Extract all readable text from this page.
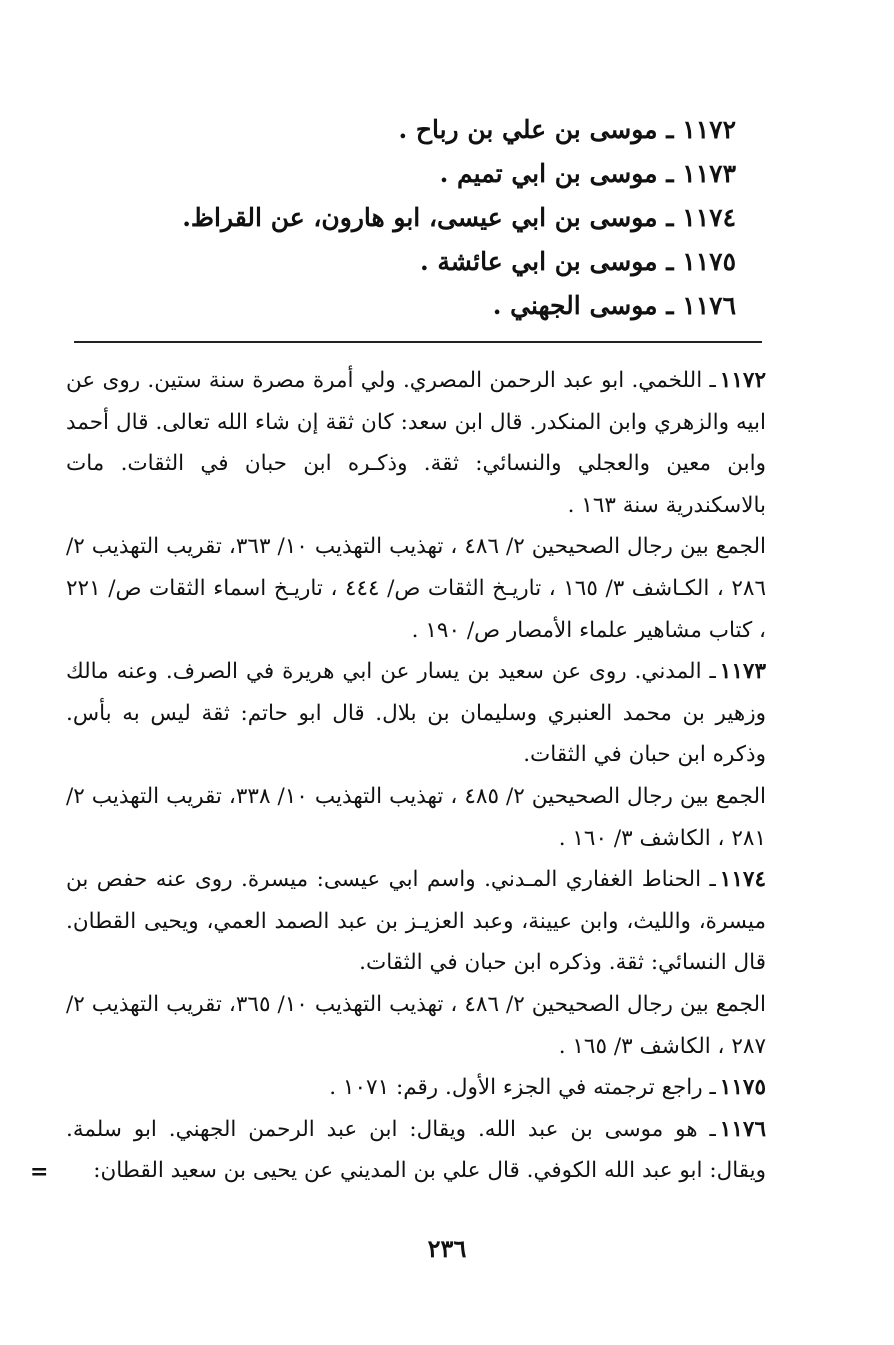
١١٧٢ ـ موسى بن علي بن رباح .
١١٧٣ ـ موسى بن ابي تميم .
١١٧٤ ـ موسى بن ابي عيسى، ابو هارون، عن القراظ.
١١٧٥ ـ موسى بن ابي عائشة .
١١٧٦ ـ موسى الجهني .
١١٧٢ـ اللخمي. ابو عبد الرحمن المصري. ولي أمرة مصرة سنة ستين. روى عن ابيه والزهري وابن المنكدر. قال ابن سعد: كان ثقة إن شاء الله تعالى. قال أحمد وابن معين والعجلي والنسائي: ثقة. وذكـره ابن حبان في الثقات. مات بالاسكندرية سنة ١٦٣ .
الجمع بين رجال الصحيحين ٢/ ٤٨٦ ، تهذيب التهذيب ١٠/ ٣٦٣، تقريب التهذيب ٢/ ٢٨٦ ، الكـاشف ٣/ ١٦٥ ، تاريـخ الثقات ص/ ٤٤٤ ، تاريـخ اسماء الثقات ص/ ٢٢١ ، كتاب مشاهير علماء الأمصار ص/ ١٩٠ .
١١٧٣ـ المدني. روى عن سعيد بن يسار عن ابي هريرة في الصرف. وعنه مالك وزهير بن محمد العنبري وسليمان بن بلال. قال ابو حاتم: ثقة ليس به بأس. وذكره ابن حبان في الثقات.
الجمع بين رجال الصحيحين ٢/ ٤٨٥ ، تهذيب التهذيب ١٠/ ٣٣٨، تقريب التهذيب ٢/ ٢٨١ ، الكاشف ٣/ ١٦٠ .
١١٧٤ـ الحناط الغفاري المـدني. واسم ابي عيسى: ميسرة. روى عنه حفص بن ميسرة، والليث، وابن عيينة، وعبد العزيـز بن عبد الصمد العمي، ويحيى القطان. قال النسائي: ثقة. وذكره ابن حبان في الثقات.
الجمع بين رجال الصحيحين ٢/ ٤٨٦ ، تهذيب التهذيب ١٠/ ٣٦٥، تقريب التهذيب ٢/ ٢٨٧ ، الكاشف ٣/ ١٦٥ .
١١٧٥ـ راجع ترجمته في الجزء الأول. رقم: ١٠٧١ .
١١٧٦ـ هو موسى بن عبد الله. ويقال: ابن عبد الرحمن الجهني. ابو سلمة. ويقال: ابو عبد الله الكوفي. قال علي بن المديني عن يحيى بن سعيد القطان:
=
٢٣٦
